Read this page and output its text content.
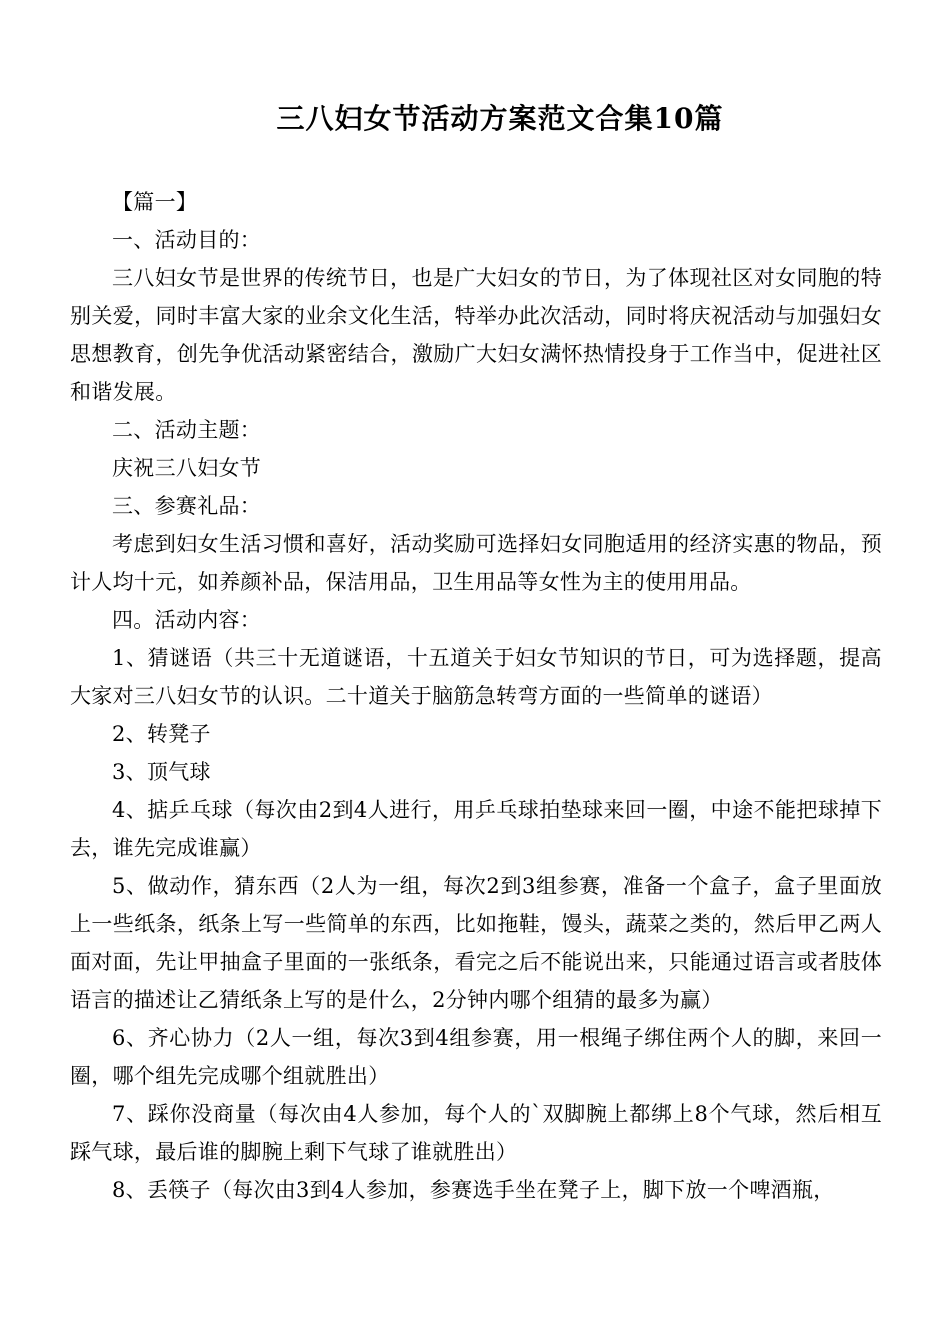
三八妇女节活动方案范文合集10篇

【篇一】

一、活动目的：

三八妇女节是世界的传统节日，也是广大妇女的节日，为了体现社区对女同胞的特别关爱，同时丰富大家的业余文化生活，特举办此次活动，同时将庆祝活动与加强妇女思想教育，创先争优活动紧密结合，激励广大妇女满怀热情投身于工作当中，促进社区和谐发展。

二、活动主题：

庆祝三八妇女节

三、参赛礼品：

考虑到妇女生活习惯和喜好，活动奖励可选择妇女同胞适用的经济实惠的物品，预计人均十元，如养颜补品，保洁用品，卫生用品等女性为主的使用用品。

四。活动内容：

1、猜谜语（共三十无道谜语，十五道关于妇女节知识的节日，可为选择题，提高大家对三八妇女节的认识。二十道关于脑筋急转弯方面的一些简单的谜语）

2、转凳子

3、顶气球

4、掂乒乓球（每次由2到4人进行，用乒乓球拍垫球来回一圈，中途不能把球掉下去，谁先完成谁赢）

5、做动作，猜东西（2人为一组，每次2到3组参赛，准备一个盒子，盒子里面放上一些纸条，纸条上写一些简单的东西，比如拖鞋，馒头，蔬菜之类的，然后甲乙两人面对面，先让甲抽盒子里面的一张纸条，看完之后不能说出来，只能通过语言或者肢体语言的描述让乙猜纸条上写的是什么，2分钟内哪个组猜的最多为赢）

6、齐心协力（2人一组，每次3到4组参赛，用一根绳子绑住两个人的脚，来回一圈，哪个组先完成哪个组就胜出）

7、踩你没商量（每次由4人参加，每个人的`双脚腕上都绑上8个气球，然后相互踩气球，最后谁的脚腕上剩下气球了谁就胜出）

8、丢筷子（每次由3到4人参加，参赛选手坐在凳子上，脚下放一个啤酒瓶，
